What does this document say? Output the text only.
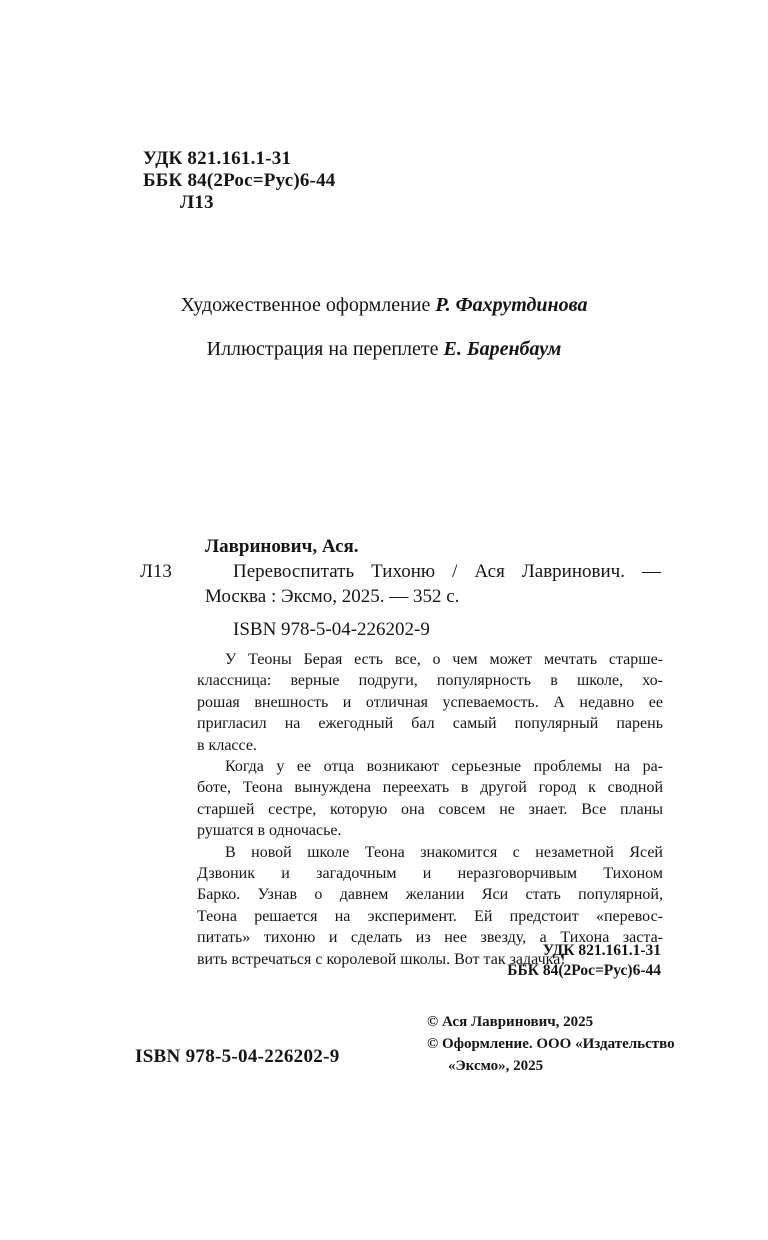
УДК 821.161.1-31
ББК 84(2Рос=Рус)6-44
Л13
Художественное оформление Р. Фахрутдинова
Иллюстрация на переплете Е. Баренбаум
Лавринович, Ася.
Л13	Перевоспитать Тихоню / Ася Лавринович. —
Москва : Эксмо, 2025. — 352 с.
ISBN 978-5-04-226202-9
У Теоны Берая есть все, о чем может мечтать старше-
классница: верные подруги, популярность в школе, хо-
рошая внешность и отличная успеваемость. А недавно ее
пригласил на ежегодный бал самый популярный парень
в классе.
Когда у ее отца возникают серьезные проблемы на ра-
боте, Теона вынуждена переехать в другой город к сводной
старшей сестре, которую она совсем не знает. Все планы
рушатся в одночасье.
В новой школе Теона знакомится с незаметной Ясей
Дзвоник и загадочным и неразговорчивым Тихоном
Барко. Узнав о давнем желании Яси стать популярной,
Теона решается на эксперимент. Ей предстоит «перевос-
питать» тихоню и сделать из нее звезду, а Тихона заста-
вить встречаться с королевой школы. Вот так задачка!
УДК 821.161.1-31
ББК 84(2Рос=Рус)6-44
© Ася Лавринович, 2025
© Оформление. ООО «Издательство
«Эксмо», 2025
ISBN 978-5-04-226202-9
